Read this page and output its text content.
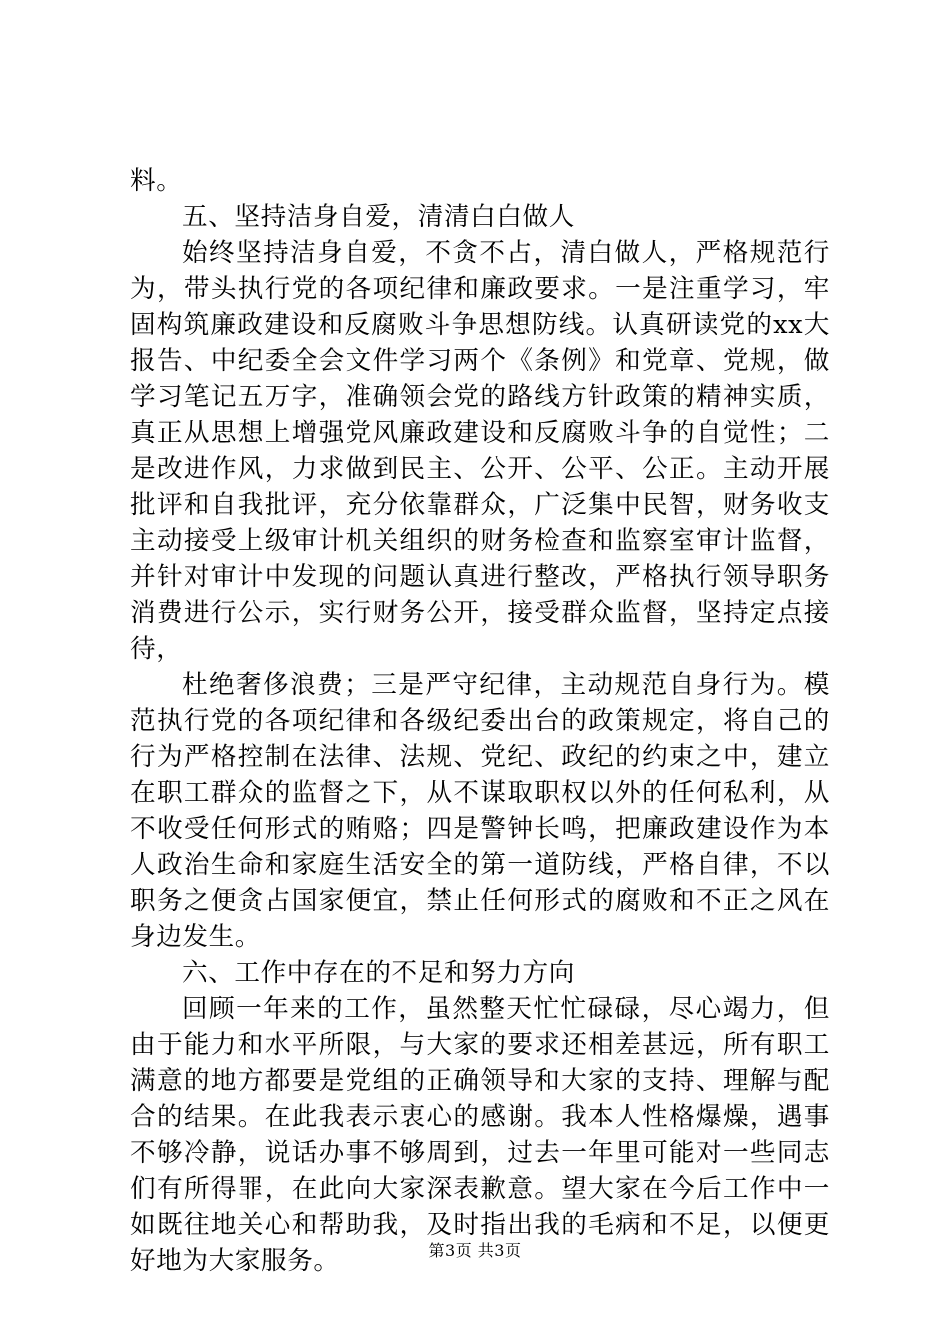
料。

五、坚持洁身自爱，清清白白做人

始终坚持洁身自爱，不贪不占，清白做人，严格规范行为，带头执行党的各项纪律和廉政要求。一是注重学习，牢固构筑廉政建设和反腐败斗争思想防线。认真研读党的xx大报告、中纪委全会文件学习两个《条例》和党章、党规，做学习笔记五万字，准确领会党的路线方针政策的精神实质，真正从思想上增强党风廉政建设和反腐败斗争的自觉性；二是改进作风，力求做到民主、公开、公平、公正。主动开展批评和自我批评，充分依靠群众，广泛集中民智，财务收支主动接受上级审计机关组织的财务检查和监察室审计监督，并针对审计中发现的问题认真进行整改，严格执行领导职务消费进行公示，实行财务公开，接受群众监督，坚持定点接待，

杜绝奢侈浪费；三是严守纪律，主动规范自身行为。模范执行党的各项纪律和各级纪委出台的政策规定，将自己的行为严格控制在法律、法规、党纪、政纪的约束之中，建立在职工群众的监督之下，从不谋取职权以外的任何私利，从不收受任何形式的贿赂；四是警钟长鸣，把廉政建设作为本人政治生命和家庭生活安全的第一道防线，严格自律，不以职务之便贪占国家便宜，禁止任何形式的腐败和不正之风在身边发生。

六、工作中存在的不足和努力方向

回顾一年来的工作，虽然整天忙忙碌碌，尽心竭力，但由于能力和水平所限，与大家的要求还相差甚远，所有职工满意的地方都要是党组的正确领导和大家的支持、理解与配合的结果。在此我表示衷心的感谢。我本人性格爆燥，遇事不够冷静，说话办事不够周到，过去一年里可能对一些同志们有所得罪，在此向大家深表歉意。望大家在今后工作中一如既往地关心和帮助我，及时指出我的毛病和不足，以便更好地为大家服务。	第3页 共3页
